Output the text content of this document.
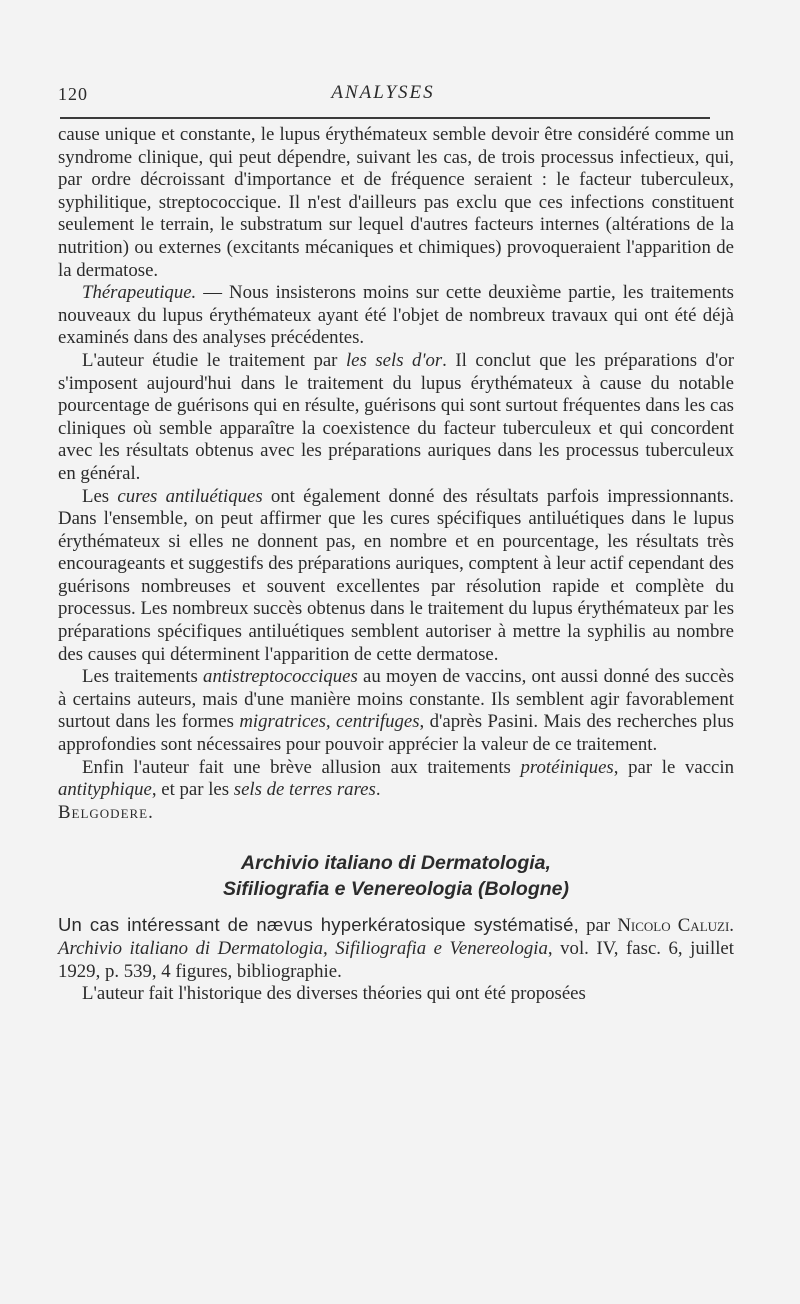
120	ANALYSES

cause unique et constante, le lupus érythémateux semble devoir être considéré comme un syndrome clinique, qui peut dépendre, suivant les cas, de trois processus infectieux, qui, par ordre décroissant d'importance et de fréquence seraient : le facteur tuberculeux, syphilitique, streptococcique. Il n'est d'ailleurs pas exclu que ces infections constituent seulement le terrain, le substratum sur lequel d'autres facteurs internes (altérations de la nutrition) ou externes (excitants mécaniques et chimiques) provoqueraient l'apparition de la dermatose.

Thérapeutique. — Nous insisterons moins sur cette deuxième partie, les traitements nouveaux du lupus érythémateux ayant été l'objet de nombreux travaux qui ont été déjà examinés dans des analyses précédentes.

L'auteur étudie le traitement par les sels d'or. Il conclut que les préparations d'or s'imposent aujourd'hui dans le traitement du lupus érythémateux à cause du notable pourcentage de guérisons qui en résulte, guérisons qui sont surtout fréquentes dans les cas cliniques où semble apparaître la coexistence du facteur tuberculeux et qui concordent avec les résultats obtenus avec les préparations auriques dans les processus tuberculeux en général.

Les cures antiluétiques ont également donné des résultats parfois impressionnants. Dans l'ensemble, on peut affirmer que les cures spécifiques antiluétiques dans le lupus érythémateux si elles ne donnent pas, en nombre et en pourcentage, les résultats très encourageants et suggestifs des préparations auriques, comptent à leur actif cependant des guérisons nombreuses et souvent excellentes par résolution rapide et complète du processus. Les nombreux succès obtenus dans le traitement du lupus érythémateux par les préparations spécifiques antiluétiques semblent autoriser à mettre la syphilis au nombre des causes qui déterminent l'apparition de cette dermatose.

Les traitements antistreptococciques au moyen de vaccins, ont aussi donné des succès à certains auteurs, mais d'une manière moins constante. Ils semblent agir favorablement surtout dans les formes migratrices, centrifuges, d'après Pasini. Mais des recherches plus approfondies sont nécessaires pour pouvoir apprécier la valeur de ce traitement.

Enfin l'auteur fait une brève allusion aux traitements protéiniques, par le vaccin antityphique, et par les sels de terres rares.

Belgodere.

Archivio italiano di Dermatologia,
Sifiliografia e Venereologia (Bologne)

Un cas intéressant de nævus hyperkératosique systématisé, par Nicolo Caluzi. Archivio italiano di Dermatologia, Sifiliografia e Venereologia, vol. IV, fasc. 6, juillet 1929, p. 539, 4 figures, bibliographie.

L'auteur fait l'historique des diverses théories qui ont été proposées
